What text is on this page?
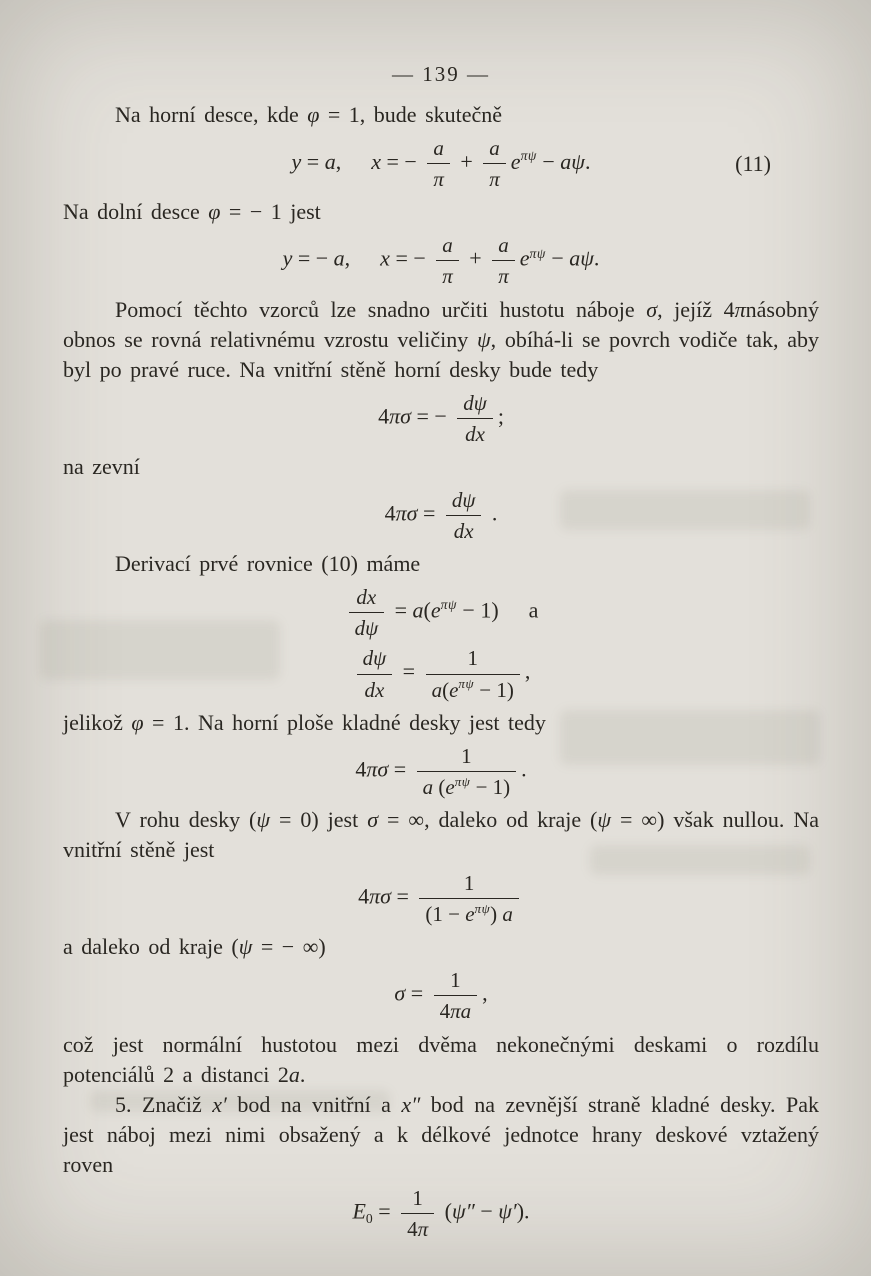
— 139 —

Na horní desce, kde φ = 1, bude skutečně

y = a, x = − $\frac{a}{\pi} + \frac{a}{\pi} e^{\pi\psi} - a\psi$.	(11)

Na dolní desce φ = − 1 jest

y = − a, x = − $\frac{a}{\pi} + \frac{a}{\pi} e^{\pi\psi} - a\psi$.

Pomocí těchto vzorců lze snadno určiti hustotu náboje σ, jejíž 4πnásobný obnos se rovná relativnému vzrostu veličiny ψ, obíhá-li se povrch vodiče tak, aby byl po pravé ruce. Na vnitřní stěně horní desky bude tedy

4πσ = − $\frac{d\psi}{dx}$ ;

na zevní

$4\pi\sigma = \frac{d\psi}{dx}$ .

Derivací prvé rovnice (10) máme

$\frac{dx}{d\psi} = a(e^{\pi\psi} - 1)$ a
$\frac{d\psi}{dx} = \frac{1}{a(e^{\pi\psi} - 1)}$ ,

jelikož φ = 1. Na horní ploše kladné desky jest tedy

$4\pi\sigma = \frac{1}{a (e^{\pi\psi} - 1)}$ .

V rohu desky (ψ = 0) jest σ = ∞, daleko od kraje (ψ = ∞) však nullou. Na vnitřní stěně jest

$4\pi\sigma = \frac{1}{(1 - e^{\pi\psi}) a}$

a daleko od kraje (ψ = − ∞)

$\sigma = \frac{1}{4\pi a}$ ,

což jest normální hustotou mezi dvěma nekonečnými deskami o rozdílu potenciálů 2 a distanci 2a.

5. Značiž x′ bod na vnitřní a x″ bod na zevnější straně kladné desky. Pak jest náboj mezi nimi obsažený a k délkové jednotce hrany deskové vztažený roven

$E_0 = \frac{1}{4\pi} (\psi'' - \psi')$.
